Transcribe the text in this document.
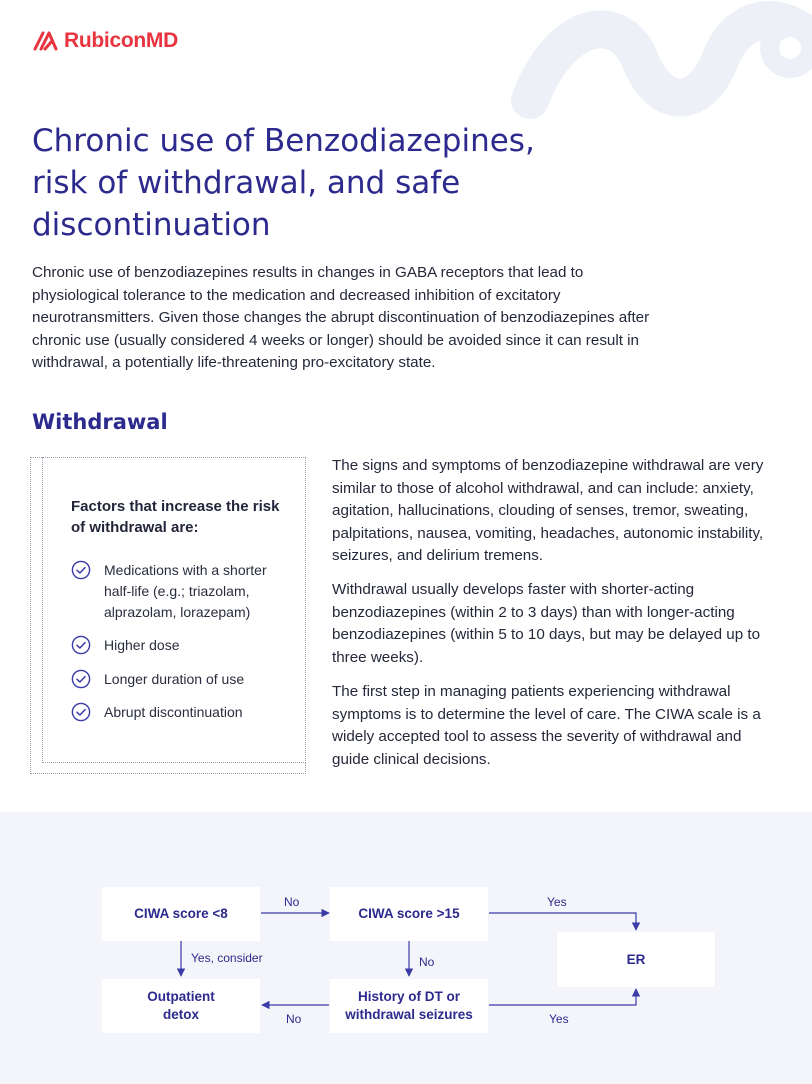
RubiconMD
Chronic use of Benzodiazepines,
risk of withdrawal, and safe
discontinuation

Chronic use of benzodiazepines results in changes in GABA receptors that lead to physiological tolerance to the medication and decreased inhibition of excitatory neurotransmitters. Given those changes the abrupt discontinuation of benzodiazepines after chronic use (usually considered 4 weeks or longer) should be avoided since it can result in withdrawal, a potentially life-threatening pro-excitatory state.

Withdrawal
Factors that increase the risk of withdrawal are:
Medications with a shorter half-life (e.g.; triazolam, alprazolam, lorazepam)
Higher dose
Longer duration of use
Abrupt discontinuation

The signs and symptoms of benzodiazepine withdrawal are very similar to those of alcohol withdrawal, and can include: anxiety, agitation, hallucinations, clouding of senses, tremor, sweating, palpitations, nausea, vomiting, headaches, autonomic instability, seizures, and delirium tremens.

Withdrawal usually develops faster with shorter-acting benzodiazepines (within 2 to 3 days) than with longer-acting benzodiazepines (within 5 to 10 days, but may be delayed up to three weeks).

The first step in managing patients experiencing withdrawal symptoms is to determine the level of care. The CIWA scale is a widely accepted tool to assess the severity of withdrawal and guide clinical decisions.

CIWA score <8	CIWA score >15
ER
Outpatient detox
History of DT or withdrawal seizures
No	Yes
Yes, consider	No
No	Yes
